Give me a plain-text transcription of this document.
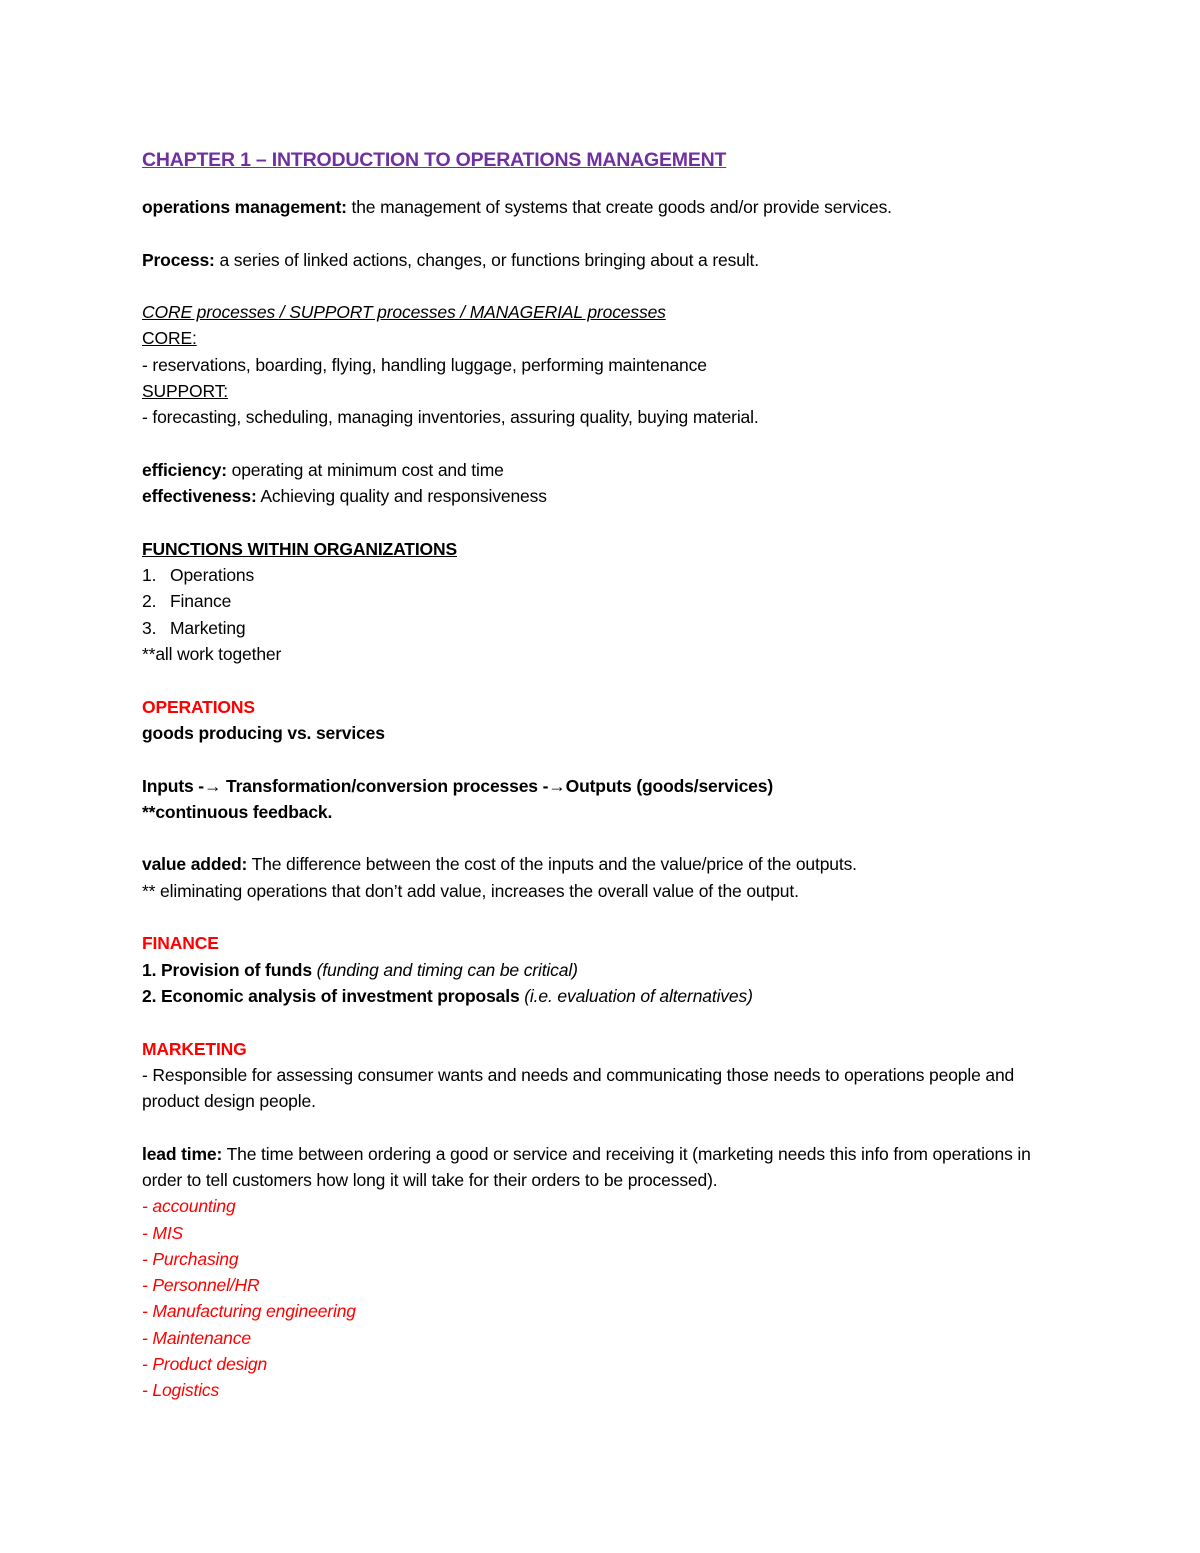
CHAPTER 1 – INTRODUCTION TO OPERATIONS MANAGEMENT
operations management: the management of systems that create goods and/or provide services.
Process: a series of linked actions, changes, or functions bringing about a result.
CORE processes / SUPPORT processes / MANAGERIAL processes
CORE:
- reservations, boarding, flying, handling luggage, performing maintenance
SUPPORT:
- forecasting, scheduling, managing inventories, assuring quality, buying material.
efficiency: operating at minimum cost and time
effectiveness: Achieving quality and responsiveness
FUNCTIONS WITHIN ORGANIZATIONS
1. Operations
2. Finance
3. Marketing
**all work together
OPERATIONS
goods producing vs. services
Inputs -→ Transformation/conversion processes -→Outputs (goods/services)
**continuous feedback.
value added: The difference between the cost of the inputs and the value/price of the outputs.
** eliminating operations that don’t add value, increases the overall value of the output.
FINANCE
1. Provision of funds (funding and timing can be critical)
2. Economic analysis of investment proposals (i.e. evaluation of alternatives)
MARKETING
- Responsible for assessing consumer wants and needs and communicating those needs to operations people and product design people.
lead time: The time between ordering a good or service and receiving it (marketing needs this info from operations in order to tell customers how long it will take for their orders to be processed).
- accounting
- MIS
- Purchasing
- Personnel/HR
- Manufacturing engineering
- Maintenance
- Product design
- Logistics
